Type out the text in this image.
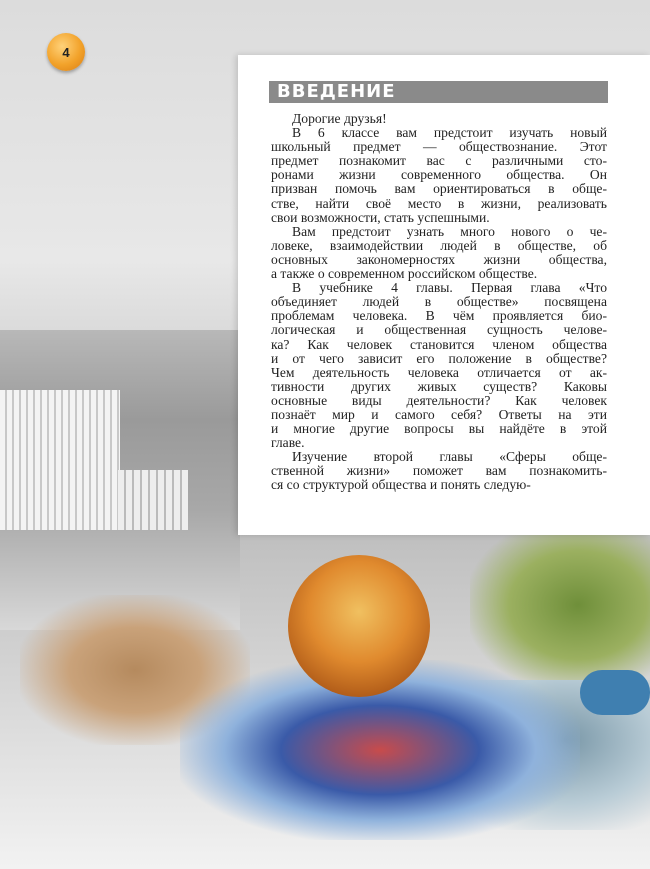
4
ВВЕДЕНИЕ
Дорогие друзья!
В 6 классе вам предстоит изучать новый
школьный предмет — обществознание. Этот
предмет познакомит вас с различными сто-
ронами жизни современного общества. Он
призван помочь вам ориентироваться в обще-
стве, найти своё место в жизни, реализовать
свои возможности, стать успешными.
Вам предстоит узнать много нового о че-
ловеке, взаимодействии людей в обществе, об
основных закономерностях жизни общества,
а также о современном российском обществе.
В учебнике 4 главы. Первая глава «Что
объединяет людей в обществе» посвящена
проблемам человека. В чём проявляется био-
логическая и общественная сущность челове-
ка? Как человек становится членом общества
и от чего зависит его положение в обществе?
Чем деятельность человека отличается от ак-
тивности других живых существ? Каковы
основные виды деятельности? Как человек
познаёт мир и самого себя? Ответы на эти
и многие другие вопросы вы найдёте в этой
главе.
Изучение второй главы «Сферы обще-
ственной жизни» поможет вам познакомить-
ся со структурой общества и понять следую-
